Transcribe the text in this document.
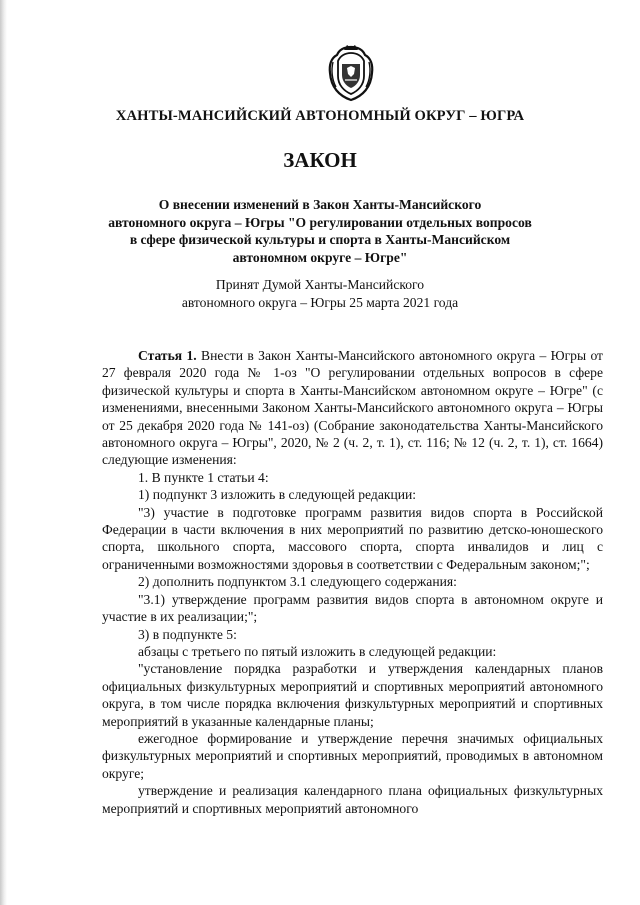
ХАНТЫ-МАНСИЙСКИЙ АВТОНОМНЫЙ ОКРУГ – ЮГРА
ЗАКОН
О внесении изменений в Закон Ханты-Мансийского
автономного округа – Югры "О регулировании отдельных вопросов
в сфере физической культуры и спорта в Ханты-Мансийском
автономном округе – Югре"
Принят Думой Ханты-Мансийского
автономного округа – Югры 25 марта 2021 года

Статья 1. Внести в Закон Ханты-Мансийского автономного округа – Югры от 27 февраля 2020 года № 1-оз "О регулировании отдельных вопросов в сфере физической культуры и спорта в Ханты-Мансийском автономном округе – Югре" (с изменениями, внесенными Законом Ханты-Мансийского автономного округа – Югры от 25 декабря 2020 года № 141-оз) (Собрание законодательства Ханты-Мансийского автономного округа – Югры", 2020, № 2 (ч. 2, т. 1), ст. 116; № 12 (ч. 2, т. 1), ст. 1664) следующие изменения:

1. В пункте 1 статьи 4:

1) подпункт 3 изложить в следующей редакции:

"3) участие в подготовке программ развития видов спорта в Российской Федерации в части включения в них мероприятий по развитию детско-юношеского спорта, школьного спорта, массового спорта, спорта инвалидов и лиц с ограниченными возможностями здоровья в соответствии с Федеральным законом;";

2) дополнить подпунктом 3.1 следующего содержания:

"3.1) утверждение программ развития видов спорта в автономном округе и участие в их реализации;";

3) в подпункте 5:

абзацы с третьего по пятый изложить в следующей редакции:

"установление порядка разработки и утверждения календарных планов официальных физкультурных мероприятий и спортивных мероприятий автономного округа, в том числе порядка включения физкультурных мероприятий и спортивных мероприятий в указанные календарные планы;

ежегодное формирование и утверждение перечня значимых официальных физкультурных мероприятий и спортивных мероприятий, проводимых в автономном округе;

утверждение и реализация календарного плана официальных физкультурных мероприятий и спортивных мероприятий автономного
